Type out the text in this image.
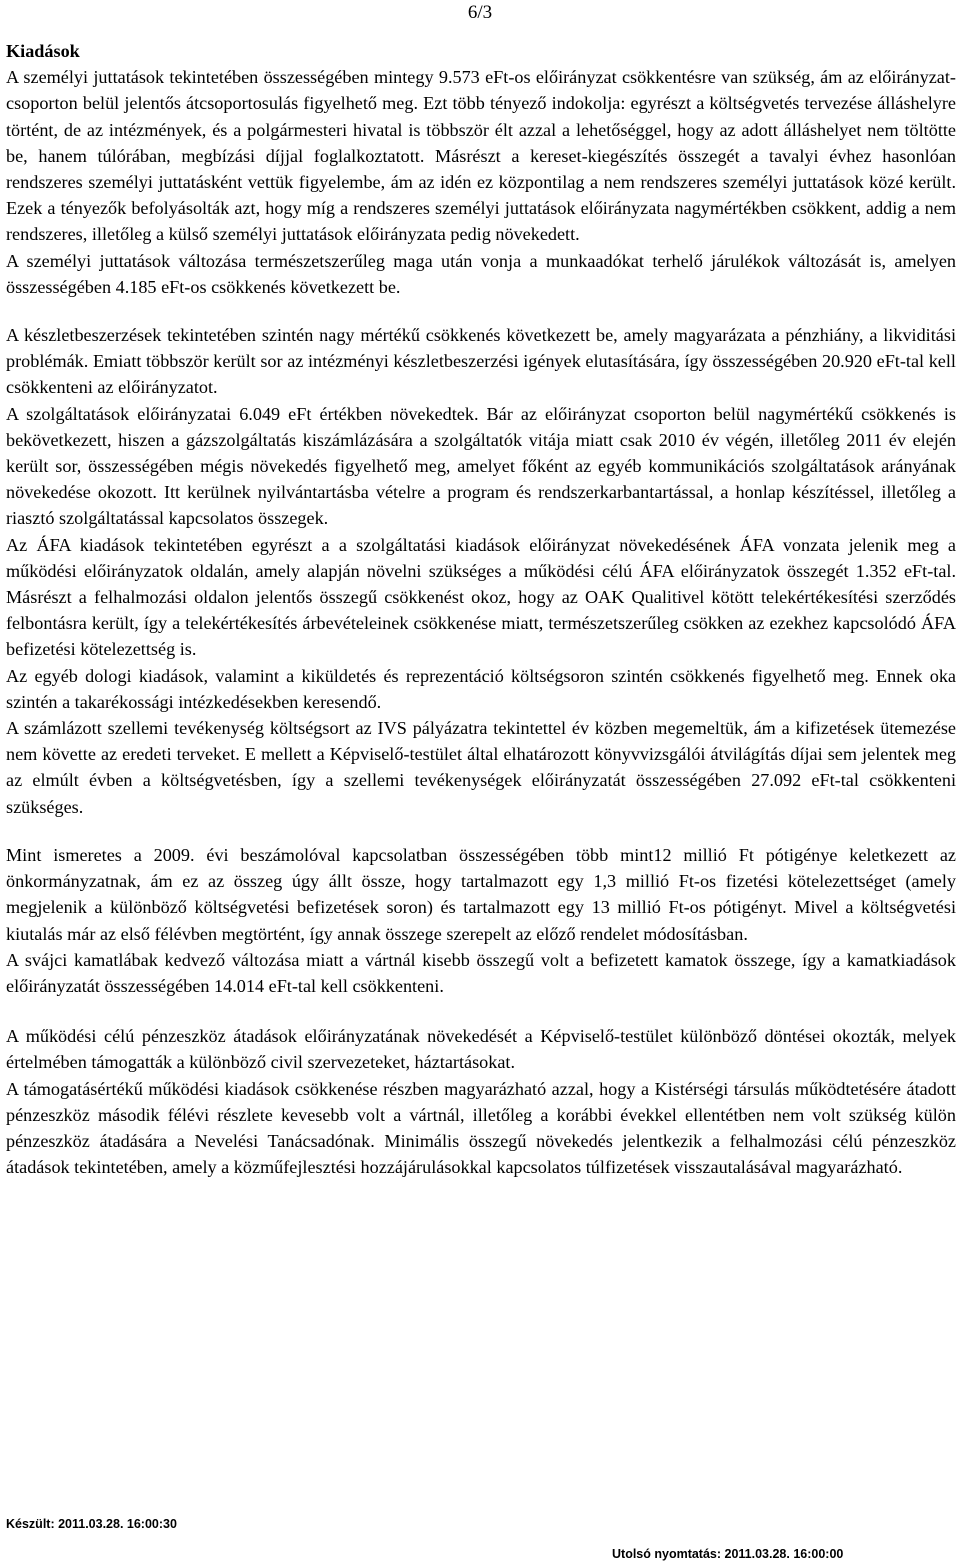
6/3
Kiadások

A személyi juttatások tekintetében összességében mintegy 9.573 eFt-os előirányzat csökkentésre van szükség, ám az előirányzat-csoporton belül jelentős átcsoportosulás figyelhető meg. Ezt több tényező indokolja: egyrészt a költségvetés tervezése álláshelyre történt, de az intézmények, és a polgármesteri hivatal is többször élt azzal a lehetőséggel, hogy az adott álláshelyet nem töltötte be, hanem túlórában, megbízási díjjal foglalkoztatott. Másrészt a kereset-kiegészítés összegét a tavalyi évhez hasonlóan rendszeres személyi juttatásként vettük figyelembe, ám az idén ez központilag a nem rendszeres személyi juttatások közé került. Ezek a tényezők befolyásolták azt, hogy míg a rendszeres személyi juttatások előirányzata nagymértékben csökkent, addig a nem rendszeres, illetőleg a külső személyi juttatások előirányzata pedig növekedett.

A személyi juttatások változása természetszerűleg maga után vonja a munkaadókat terhelő járulékok változását is, amelyen összességében 4.185 eFt-os csökkenés következett be.

A készletbeszerzések tekintetében szintén nagy mértékű csökkenés következett be, amely magyarázata a pénzhiány, a likviditási problémák. Emiatt többször került sor az intézményi készletbeszerzési igények elutasítására, így összességében 20.920 eFt-tal kell csökkenteni az előirányzatot.

A szolgáltatások előirányzatai 6.049 eFt értékben növekedtek. Bár az előirányzat csoporton belül nagymértékű csökkenés is bekövetkezett, hiszen a gázszolgáltatás kiszámlázására a szolgáltatók vitája miatt csak 2010 év végén, illetőleg 2011 év elején került sor, összességében mégis növekedés figyelhető meg, amelyet főként az egyéb kommunikációs szolgáltatások arányának növekedése okozott. Itt kerülnek nyilvántartásba vételre a program és rendszerkarbantartással, a honlap készítéssel, illetőleg a riasztó szolgáltatással kapcsolatos összegek.

Az ÁFA kiadások tekintetében egyrészt a a szolgáltatási kiadások előirányzat növekedésének ÁFA vonzata jelenik meg a működési előirányzatok oldalán, amely alapján növelni szükséges a működési célú ÁFA előirányzatok összegét 1.352 eFt-tal. Másrészt a felhalmozási oldalon jelentős összegű csökkenést okoz, hogy az OAK Qualitivel kötött telekértékesítési szerződés felbontásra került, így a telekértékesítés árbevételeinek csökkenése miatt, természetszerűleg csökken az ezekhez kapcsolódó ÁFA befizetési kötelezettség is.

Az egyéb dologi kiadások, valamint a kiküldetés és reprezentáció költségsoron szintén csökkenés figyelhető meg. Ennek oka szintén a takarékossági intézkedésekben keresendő.

A számlázott szellemi tevékenység költségsort az IVS pályázatra tekintettel év közben megemeltük, ám a kifizetések ütemezése nem követte az eredeti terveket. E mellett a Képviselő-testület által elhatározott könyvvizsgálói átvilágítás díjai sem jelentek meg az elmúlt évben a költségvetésben, így a szellemi tevékenységek előirányzatát összességében 27.092 eFt-tal csökkenteni szükséges.

Mint ismeretes a 2009. évi beszámolóval kapcsolatban összességében több mint12 millió Ft pótigénye keletkezett az önkormányzatnak, ám ez az összeg úgy állt össze, hogy tartalmazott egy 1,3 millió Ft-os fizetési kötelezettséget (amely megjelenik a különböző költségvetési befizetések soron) és tartalmazott egy 13 millió Ft-os pótigényt. Mivel a költségvetési kiutalás már az első félévben megtörtént, így annak összege szerepelt az előző rendelet módosításban.

A svájci kamatlábak kedvező változása miatt a vártnál kisebb összegű volt a befizetett kamatok összege, így a kamatkiadások előirányzatát összességében 14.014 eFt-tal kell csökkenteni.

A működési célú pénzeszköz átadások előirányzatának növekedését a Képviselő-testület különböző döntései okozták, melyek értelmében támogatták a különböző civil szervezeteket, háztartásokat.

A támogatásértékű működési kiadások csökkenése részben magyarázható azzal, hogy a Kistérségi társulás működtetésére átadott pénzeszköz második félévi részlete kevesebb volt a vártnál, illetőleg a korábbi évekkel ellentétben nem volt szükség külön pénzeszköz átadására a Nevelési Tanácsadónak. Minimális összegű növekedés jelentkezik a felhalmozási célú pénzeszköz átadások tekintetében, amely a közműfejlesztési hozzájárulásokkal kapcsolatos túlfizetések visszautalásával magyarázható.

Készült: 2011.03.28. 16:00:30
Utolsó nyomtatás: 2011.03.28. 16:00:00
